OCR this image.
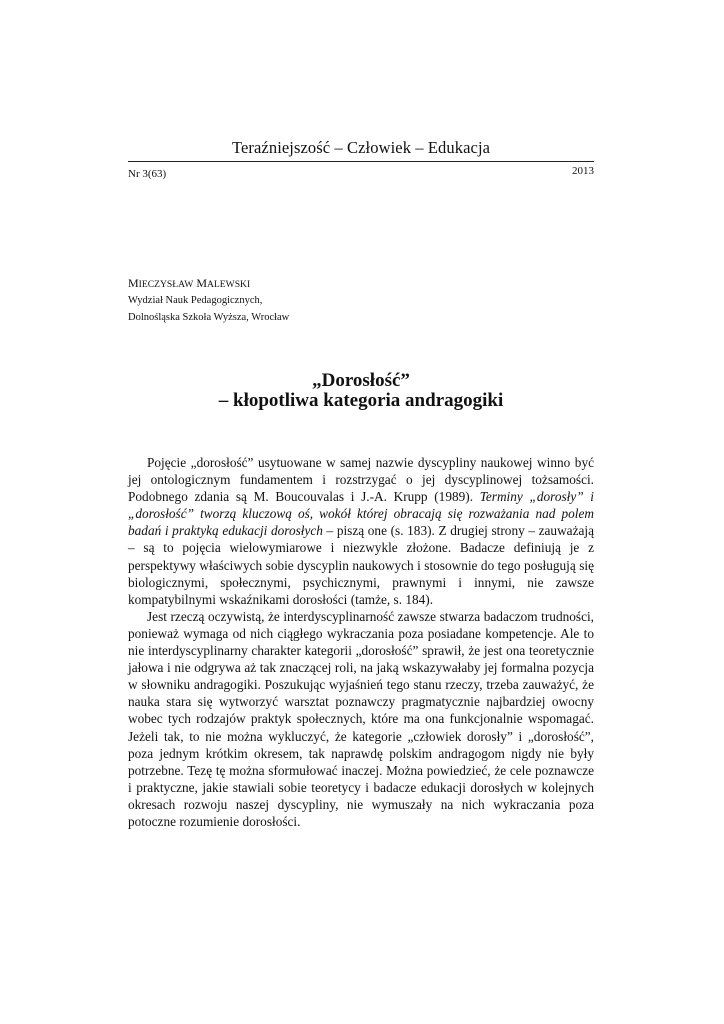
Teraźniejszość – Człowiek – Edukacja
Nr 3(63)	2013
MIECZYSŁAW MALEWSKI
Wydział Nauk Pedagogicznych,
Dolnośląska Szkoła Wyższa, Wrocław
„Dorosłość”
– kłopotliwa kategoria andragogiki

Pojęcie „dorosłość” usytuowane w samej nazwie dyscypliny naukowej winno być jej ontologicznym fundamentem i rozstrzygać o jej dyscyplinowej tożsamości. Podobnego zdania są M. Boucouvalas i J.-A. Krupp (1989). Terminy „dorosły” i „dorosłość” tworzą kluczową oś, wokół której obracają się rozważania nad polem badań i praktyką edukacji dorosłych – piszą one (s. 183). Z drugiej strony – zauważają – są to pojęcia wielowymiarowe i niezwykle złożone. Badacze definiują je z perspektywy właściwych sobie dyscyplin naukowych i stosownie do tego posługują się biologicznymi, społecznymi, psychicznymi, prawnymi i innymi, nie zawsze kompatybilnymi wskaźnikami dorosłości (tamże, s. 184).

Jest rzeczą oczywistą, że interdyscyplinarność zawsze stwarza badaczom trudności, ponieważ wymaga od nich ciągłego wykraczania poza posiadane kompetencje. Ale to nie interdyscyplinarny charakter kategorii „dorosłość” sprawił, że jest ona teoretycznie jałowa i nie odgrywa aż tak znaczącej roli, na jaką wskazywałaby jej formalna pozycja w słowniku andragogiki. Poszukując wyjaśnień tego stanu rzeczy, trzeba zauważyć, że nauka stara się wytworzyć warsztat poznawczy pragmatycznie najbardziej owocny wobec tych rodzajów praktyk społecznych, które ma ona funkcjonalnie wspomagać. Jeżeli tak, to nie można wykluczyć, że kategorie „człowiek dorosły” i „dorosłość”, poza jednym krótkim okresem, tak naprawdę polskim andragogom nigdy nie były potrzebne. Tezę tę można sformułować inaczej. Można powiedzieć, że cele poznawcze i praktyczne, jakie stawiali sobie teoretycy i badacze edukacji dorosłych w kolejnych okresach rozwoju naszej dyscypliny, nie wymuszały na nich wykraczania poza potoczne rozumienie dorosłości.
